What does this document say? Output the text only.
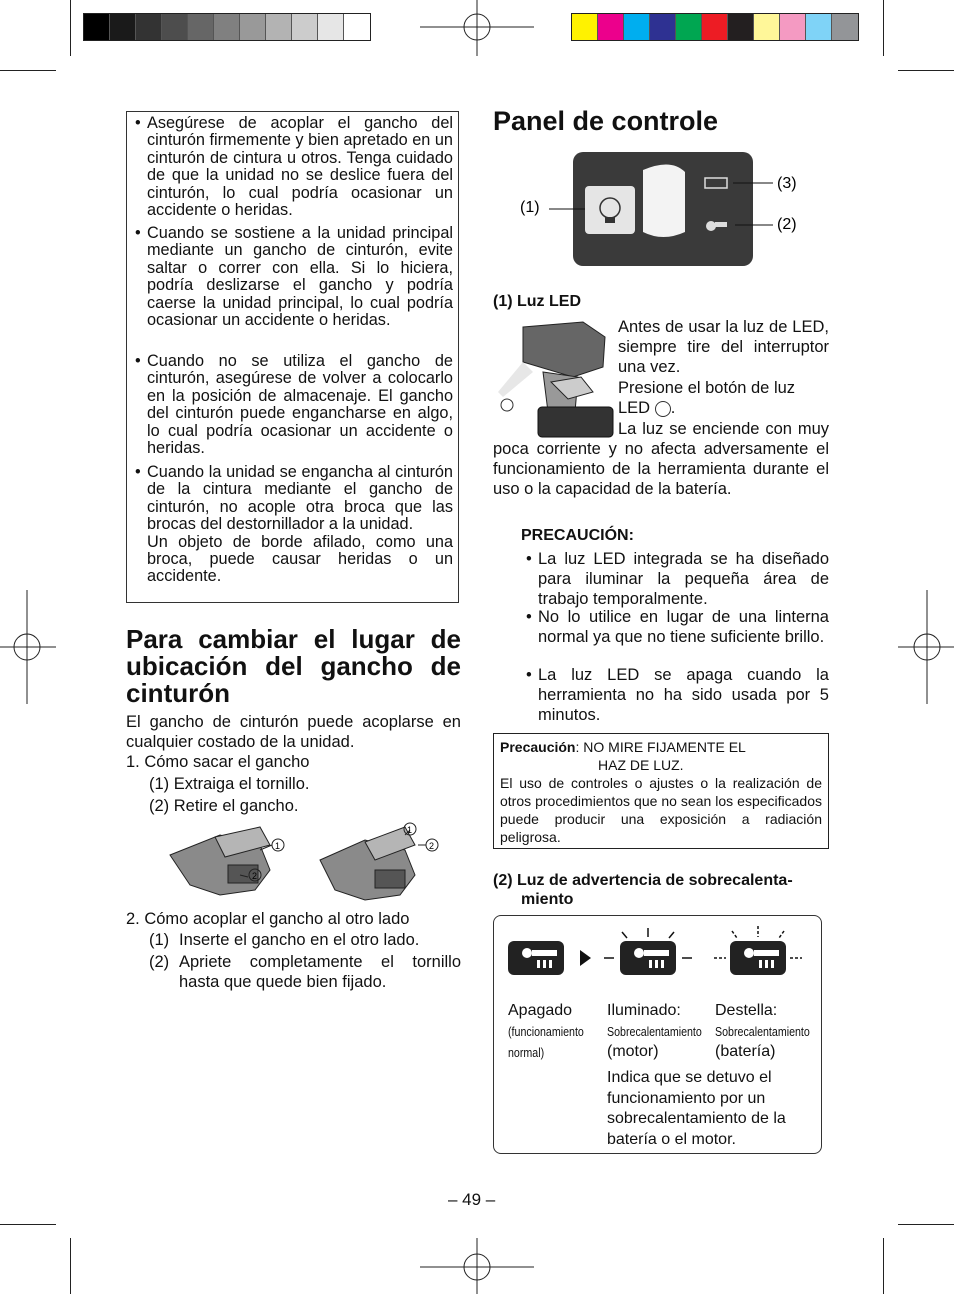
• Asegúrese de acoplar el gancho del cinturón firmemente y bien apretado en un cinturón de cintura u otros. Tenga cuidado de que la unidad no se deslice fuera del cinturón, lo cual podría ocasionar un accidente o heridas.
• Cuando se sostiene a la unidad principal mediante un gancho de cinturón, evite saltar o correr con ella. Si lo hiciera, podría deslizarse el gancho y podría caerse la unidad principal, lo cual podría ocasionar un accidente o heridas.
• Cuando no se utiliza el gancho de cinturón, asegúrese de volver a colocarlo en la posición de almacenaje. El gancho del cinturón puede engancharse en algo, lo cual podría ocasionar un accidente o heridas.
• Cuando la unidad se engancha al cinturón de la cintura mediante el gancho de cinturón, no acople otra broca que las brocas del destornillador a la unidad.
Un objeto de borde afilado, como una broca, puede causar heridas o un accidente.
Para cambiar el lugar de ubicación del gancho de cinturón
El gancho de cinturón puede acoplarse en cualquier costado de la unidad.
1. Cómo sacar el gancho
(1) Extraiga el tornillo.
(2) Retire el gancho.
1
2
1
2
2. Cómo acoplar el gancho al otro lado
(1) Inserte el gancho en el otro lado.
(2) Apriete completamente el tornillo hasta que quede bien fijado.
Panel de controle
(1)
(3)
(2)
(1) Luz LED
Antes de usar la luz de LED, siempre tire del interruptor una vez.
Presione el botón de luz
LED .
La luz se enciende con muy poca corriente y no afecta adversamente el funcionamiento de la herramienta durante el uso o la capacidad de la batería.
PRECAUCIÓN:
• La luz LED integrada se ha diseñado para iluminar la pequeña área de trabajo temporalmente.
• No lo utilice en lugar de una linterna normal ya que no tiene suficiente brillo.
• La luz LED se apaga cuando la herramienta no ha sido usada por 5 minutos.
Precaución: NO MIRE FIJAMENTE EL
HAZ DE LUZ.
El uso de controles o ajustes o la realización de otros procedimientos que no sean los especificados puede producir una exposición a radiación peligrosa.
(2) Luz de advertencia de sobrecalenta-
miento
Apagado
(funcionamiento
normal)
Iluminado:
Sobrecalentamiento
(motor)
Destella:
Sobrecalentamiento
(batería)
Indica que se detuvo el funcionamiento por un sobrecalentamiento de la batería o el motor.
– 49 –
